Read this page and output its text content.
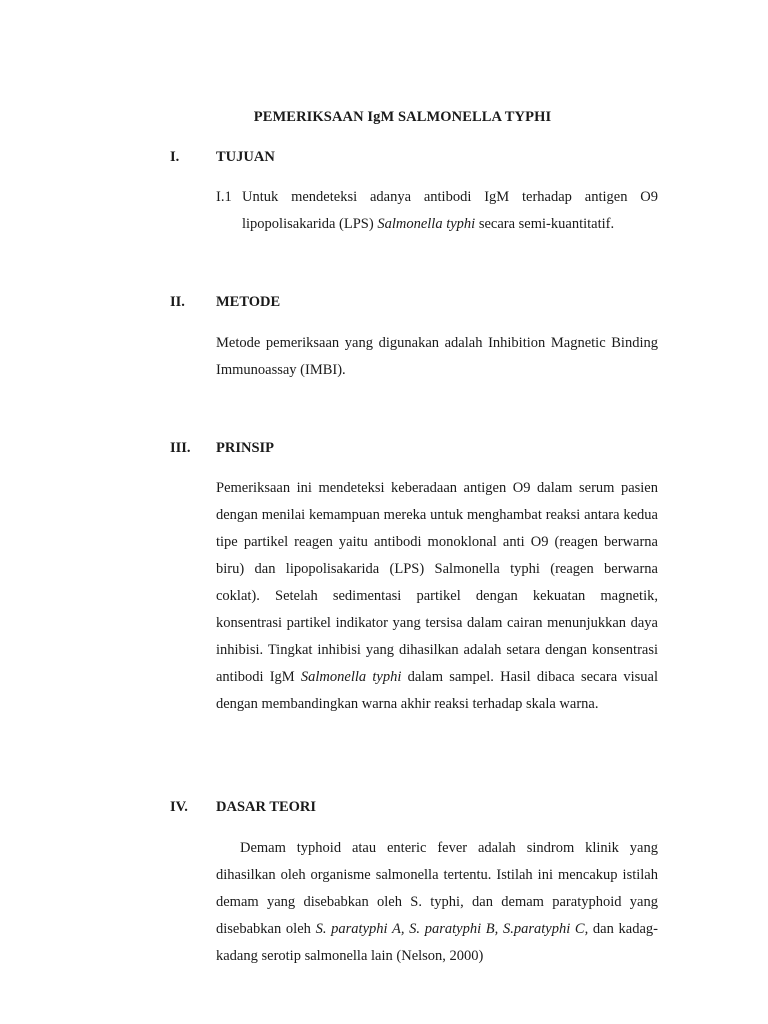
PEMERIKSAAN IgM SALMONELLA TYPHI
I.	TUJUAN
I.1 Untuk mendeteksi adanya antibodi IgM terhadap antigen O9
lipopolisakarida (LPS) Salmonella typhi secara semi-kuantitatif.
II. METODE
Metode pemeriksaan yang digunakan adalah Inhibition Magnetic Binding Immunoassay (IMBI).
III. PRINSIP
Pemeriksaan ini mendeteksi keberadaan antigen O9 dalam serum pasien dengan menilai kemampuan mereka untuk menghambat reaksi antara kedua tipe partikel reagen yaitu antibodi monoklonal anti O9 (reagen berwarna biru) dan lipopolisakarida (LPS) Salmonella typhi (reagen berwarna coklat). Setelah sedimentasi partikel dengan kekuatan magnetik, konsentrasi partikel indikator yang tersisa dalam cairan menunjukkan daya inhibisi. Tingkat inhibisi yang dihasilkan adalah setara dengan konsentrasi antibodi IgM Salmonella typhi dalam sampel. Hasil dibaca secara visual dengan membandingkan warna akhir reaksi terhadap skala warna.
IV. DASAR TEORI
Demam typhoid atau enteric fever adalah sindrom klinik yang dihasilkan oleh organisme salmonella tertentu. Istilah ini mencakup istilah demam yang disebabkan oleh S. typhi, dan demam paratyphoid yang disebabkan oleh S. paratyphi A, S. paratyphi B, S.paratyphi C, dan kadag-kadang serotip salmonella lain (Nelson, 2000)
